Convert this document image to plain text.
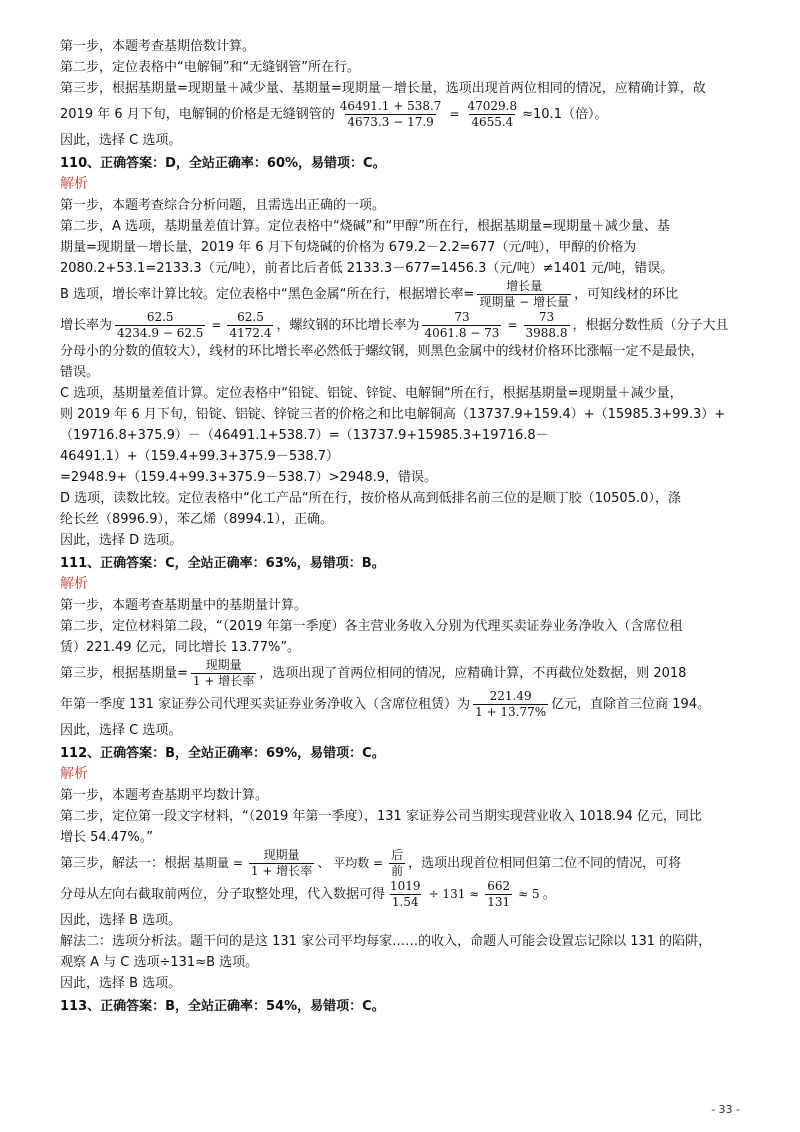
第一步，本题考查基期倍数计算。

第二步，定位表格中“电解铜”和“无缝钢管”所在行。

第三步，根据基期量=现期量＋减少量、基期量=现期量－增长量，选项出现首两位相同的情况，应精确计算，故

2019 年 6 月下旬，电解铜的价格是无缝钢管的 $\frac{46491.1 + 538.7}{4673.3 - 17.9} = \frac{47029.8}{4655.4} \approx 10.1$（倍）。

因此，选择 C 选项。

110、正确答案：D，全站正确率：60%，易错项：C。

解析

第一步，本题考查综合分析问题，且需选出正确的一项。

第二步，A 选项，基期量差值计算。定位表格中“烧碱”和“甲醇”所在行，根据基期量=现期量＋减少量、基

期量=现期量－增长量，2019 年 6 月下旬烧碱的价格为 679.2－2.2=677（元/吨），甲醇的价格为

2080.2+53.1=2133.3（元/吨），前者比后者低 2133.3－677=1456.3（元/吨）≠1401 元/吨，错误。

B 选项，增长率计算比较。定位表格中“黑色金属“所在行，根据增长率= $\frac{\text{增长量}}{\text{现期量 − 增长量}}$ ，可知线材的环比
增长率为 $\frac{62.5}{4234.9 - 62.5} = \frac{62.5}{4172.4}$ ，螺纹钢的环比增长率为 $\frac{73}{4061.8 - 73} = \frac{73}{3988.8}$ ，根据分数性质（分子大且

分母小的分数的值较大），线材的环比增长率必然低于螺纹钢，则黑色金属中的线材价格环比涨幅一定不是最快，

错误。

C 选项，基期量差值计算。定位表格中“铅锭、铝锭、锌锭、电解铜“所在行，根据基期量=现期量＋减少量，

则 2019 年 6 月下旬，铅锭、铝锭、锌锭三者的价格之和比电解铜高（13737.9+159.4）+（15985.3+99.3）+

（19716.8+375.9）－（46491.1+538.7）=（13737.9+15985.3+19716.8－46491.1）+（159.4+99.3+375.9－538.7）

=2948.9+（159.4+99.3+375.9－538.7）>2948.9，错误。

D 选项，读数比较。定位表格中“化工产品“所在行，按价格从高到低排名前三位的是顺丁胶（10505.0），涤

纶长丝（8996.9），苯乙烯（8994.1），正确。

因此，选择 D 选项。

111、正确答案：C，全站正确率：63%，易错项：B。

解析

第一步，本题考查基期量中的基期量计算。

第二步，定位材料第二段，“（2019 年第一季度）各主营业务收入分别为代理买卖证券业务净收入（含席位租

赁）221.49 亿元，同比增长 13.77%”。

第三步，根据基期量= $\frac{\text{现期量}}{\text{1 + 增长率}}$ ，选项出现了首两位相同的情况，应精确计算，不再截位处数据，则 2018
年第一季度 131 家证券公司代理买卖证券业务净收入（含席位租赁）为 $\frac{221.49}{1 + 13.77\%}$ 亿元，直除首三位商 194。

因此，选择 C 选项。

112、正确答案：B，全站正确率：69%，易错项：C。

解析

第一步，本题考查基期平均数计算。

第二步，定位第一段文字材料，“（2019 年第一季度），131 家证券公司当期实现营业收入 1018.94 亿元，同比

增长 54.47%。”

第三步，解法一：根据 基期量 = $\frac{\text{现期量}}{\text{1 + 增长率}}$ 、 平均数 = $\frac{\text{后}}{\text{前}}$ ，选项出现首位相同但第二位不同的情况，可将
分母从左向右截取前两位，分子取整处理，代入数据可得 $\frac{1019}{1.54} \div 131 \approx \frac{662}{131} \approx 5$ 。

因此，选择 B 选项。

解法二：选项分析法。题干问的是这 131 家公司平均每家……的收入，命题人可能会设置忘记除以 131 的陷阱，

观察 A 与 C 选项÷131≈B 选项。

因此，选择 B 选项。

113、正确答案：B，全站正确率：54%，易错项：C。

- 33 -
